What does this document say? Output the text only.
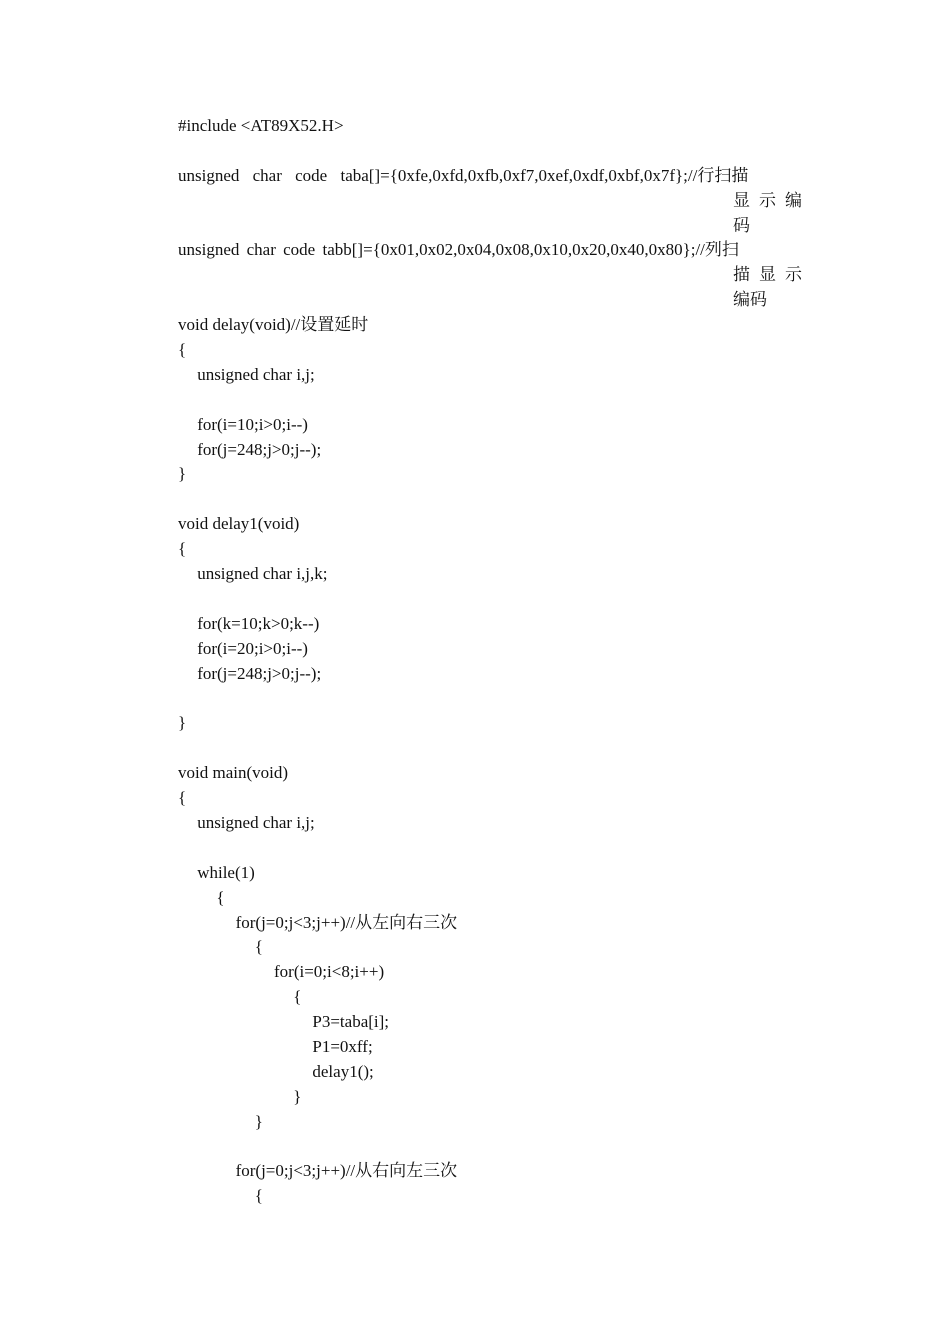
#include <AT89X52.H>
unsigned char code taba[]={0xfe,0xfd,0xfb,0xf7,0xef,0xdf,0xbf,0x7f};//行扫描
unsigned char code tabb[]={0x01,0x02,0x04,0x08,0x10,0x20,0x40,0x80};//列扫
void delay(void)//设置延时
{
unsigned char i,j;
for(i=10;i>0;i--)
for(j=248;j>0;j--);
}
void delay1(void)
{
unsigned char i,j,k;
for(k=10;k>0;k--)
for(i=20;i>0;i--)
for(j=248;j>0;j--);
}
void main(void)
{
unsigned char i,j;
while(1)
{
for(j=0;j<3;j++)//从左向右三次
{
for(i=0;i<8;i++)
{
P3=taba[i];
P1=0xff;
delay1();
}
}
for(j=0;j<3;j++)//从右向左三次
{
显示编
码
描显示
编码
